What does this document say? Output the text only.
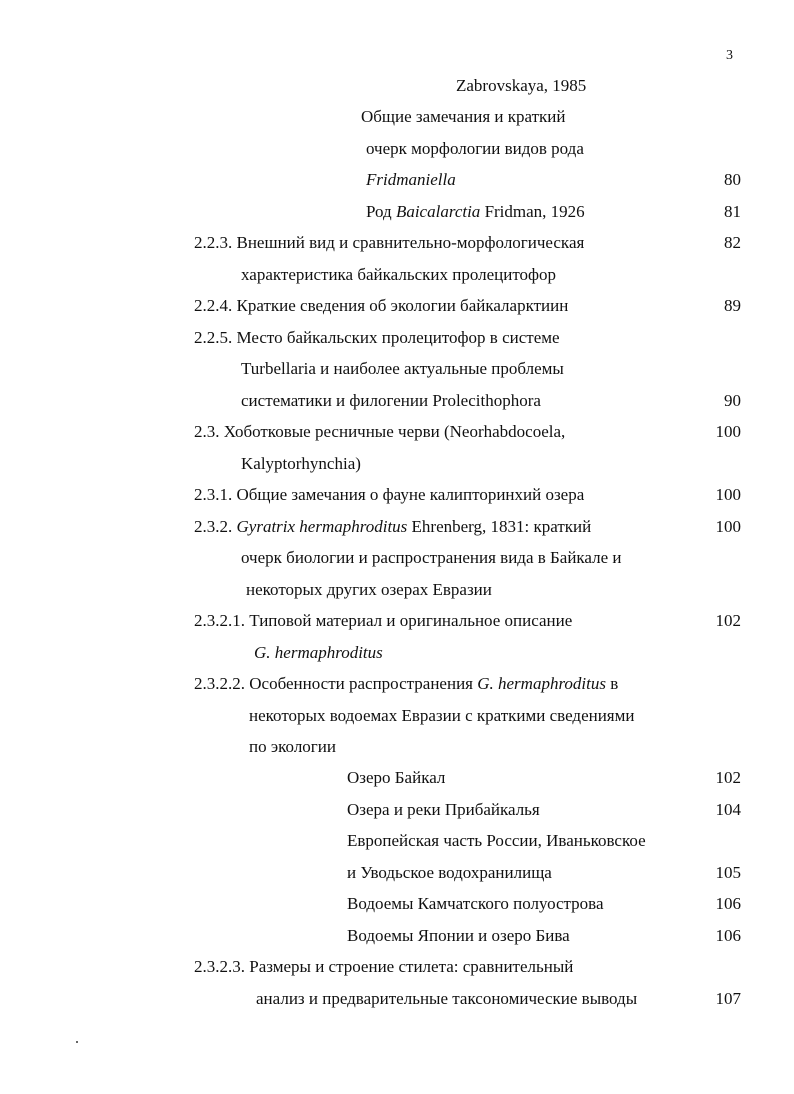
3
Zabrovskaya, 1985
Общие замечания и краткий
очерк морфологии видов рода
Fridmaniella	80
Род Baicalarctia Fridman, 1926	81
2.2.3. Внешний вид и сравнительно-морфологическая	82
характеристика байкальских пролецитофор
2.2.4. Краткие сведения об экологии байкаларктиин	89
2.2.5. Место байкальских пролецитофор в системе
Turbellaria и наиболее актуальные проблемы
систематики и филогении Prolecithophora	90
2.3. Хоботковые ресничные черви (Neorhabdocoela,	100
Kalyptorhynchia)
2.3.1. Общие замечания о фауне калипторинхий озера	100
2.3.2. Gyratrix hermaphroditus Ehrenberg, 1831: краткий	100
очерк биологии и распространения вида в Байкале и
некоторых других озерах Евразии
2.3.2.1. Типовой материал и оригинальное описание	102
G. hermaphroditus
2.3.2.2. Особенности распространения G. hermaphroditus в
некоторых водоемах Евразии с краткими сведениями
по экологии
Озеро Байкал	102
Озера и реки Прибайкалья	104
Европейская часть России, Иваньковское
и Уводьское водохранилища	105
Водоемы Камчатского полуострова	106
Водоемы Японии и озеро Бива	106
2.3.2.3. Размеры и строение стилета: сравнительный
анализ и предварительные таксономические выводы	107
